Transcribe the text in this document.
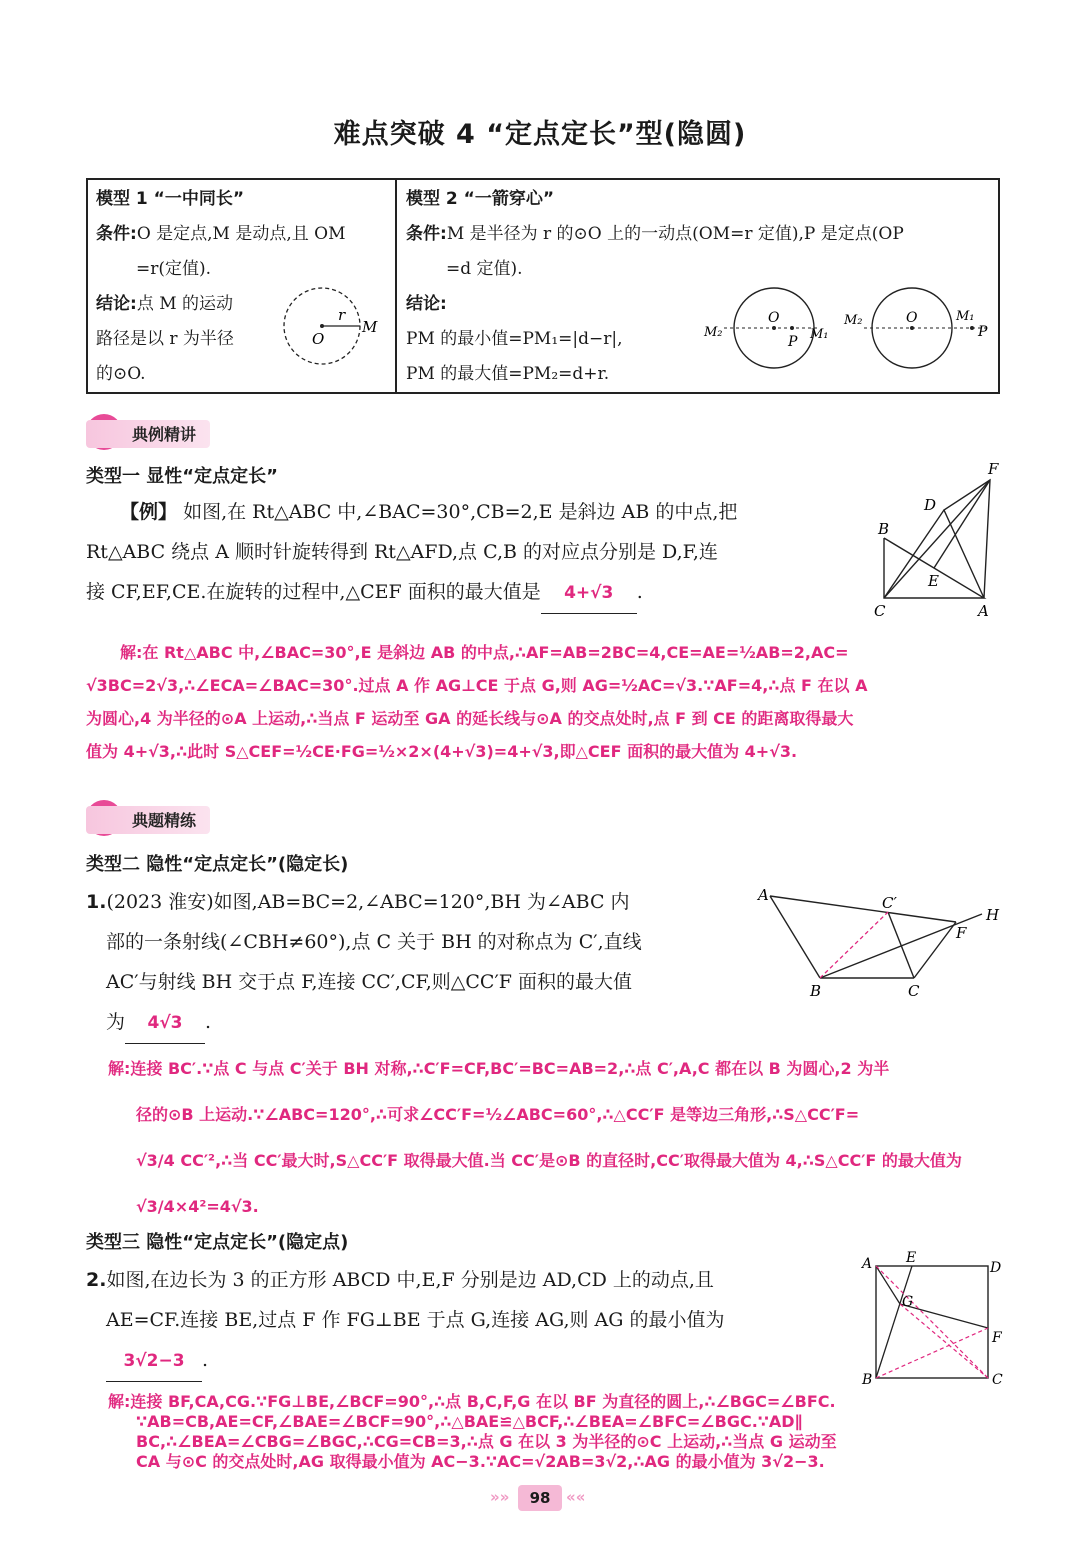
难点突破 4 “定点定长”型(隐圆)
模型 1 “一中同长”
条件:O 是定点,M 是动点,且 OM
=r(定值).
结论:点 M 的运动
路径是以 r 为半径
的⊙O.
O
r
M
模型 2 “一箭穿心”
条件:M 是半径为 r 的⊙O 上的一动点(OM=r 定值),P 是定点(OP
=d 定值).
结论:
PM 的最小值=PM₁=|d−r|,
PM 的最大值=PM₂=d+r.
M₂
O
P M₁
M₂	O	M₁
P
典例精讲
类型一 显性“定点定长”
【例】 如图,在 Rt△ABC 中,∠BAC=30°,CB=2,E 是斜边 AB 的中点,把
Rt△ABC 绕点 A 顺时针旋转得到 Rt△AFD,点 C,B 的对应点分别是 D,F,连
接 CF,EF,CE.在旋转的过程中,△CEF 面积的最大值是 4+√3 .
F
D
B
E
C	A
解:在 Rt△ABC 中,∠BAC=30°,E 是斜边 AB 的中点,∴AF=AB=2BC=4,CE=AE=½AB=2,AC=
√3BC=2√3,∴∠ECA=∠BAC=30°.过点 A 作 AG⊥CE 于点 G,则 AG=½AC=√3.∵AF=4,∴点 F 在以 A
为圆心,4 为半径的⊙A 上运动,∴当点 F 运动至 GA 的延长线与⊙A 的交点处时,点 F 到 CE 的距离取得最大
值为 4+√3,∴此时 S△CEF=½CE·FG=½×2×(4+√3)=4+√3,即△CEF 面积的最大值为 4+√3.
典题精练
类型二 隐性“定点定长”(隐定长)
1.(2023 淮安)如图,AB=BC=2,∠ABC=120°,BH 为∠ABC 内
部的一条射线(∠CBH≠60°),点 C 关于 BH 的对称点为 C′,直线
AC′与射线 BH 交于点 F,连接 CC′,CF,则△CC′F 面积的最大值
为 4√3 .
A	C′
H
F
B	C
解:连接 BC′.∵点 C 与点 C′关于 BH 对称,∴C′F=CF,BC′=BC=AB=2,∴点 C′,A,C 都在以 B 为圆心,2 为半
径的⊙B 上运动.∵∠ABC=120°,∴可求∠CC′F=½∠ABC=60°,∴△CC′F 是等边三角形,∴S△CC′F=
√3/4 CC′²,∴当 CC′最大时,S△CC′F 取得最大值.当 CC′是⊙B 的直径时,CC′取得最大值为 4,∴S△CC′F 的最大值为
√3/4×4²=4√3.
类型三 隐性“定点定长”(隐定点)
2.如图,在边长为 3 的正方形 ABCD 中,E,F 分别是边 AD,CD 上的动点,且
AE=CF.连接 BE,过点 F 作 FG⊥BE 于点 G,连接 AG,则 AG 的最小值为
3√2−3 .
A E
D
G
F
B	C
解:连接 BF,CA,CG.∵FG⊥BE,∠BCF=90°,∴点 B,C,F,G 在以 BF 为直径的圆上,∴∠BGC=∠BFC.
∵AB=CB,AE=CF,∠BAE=∠BCF=90°,∴△BAE≌△BCF,∴∠BEA=∠BFC=∠BGC.∵AD∥
BC,∴∠BEA=∠CBG=∠BGC,∴CG=CB=3,∴点 G 在以 3 为半径的⊙C 上运动,∴当点 G 运动至
CA 与⊙C 的交点处时,AG 取得最小值为 AC−3.∵AC=√2AB=3√2,∴AG 的最小值为 3√2−3.
»»	98	««
